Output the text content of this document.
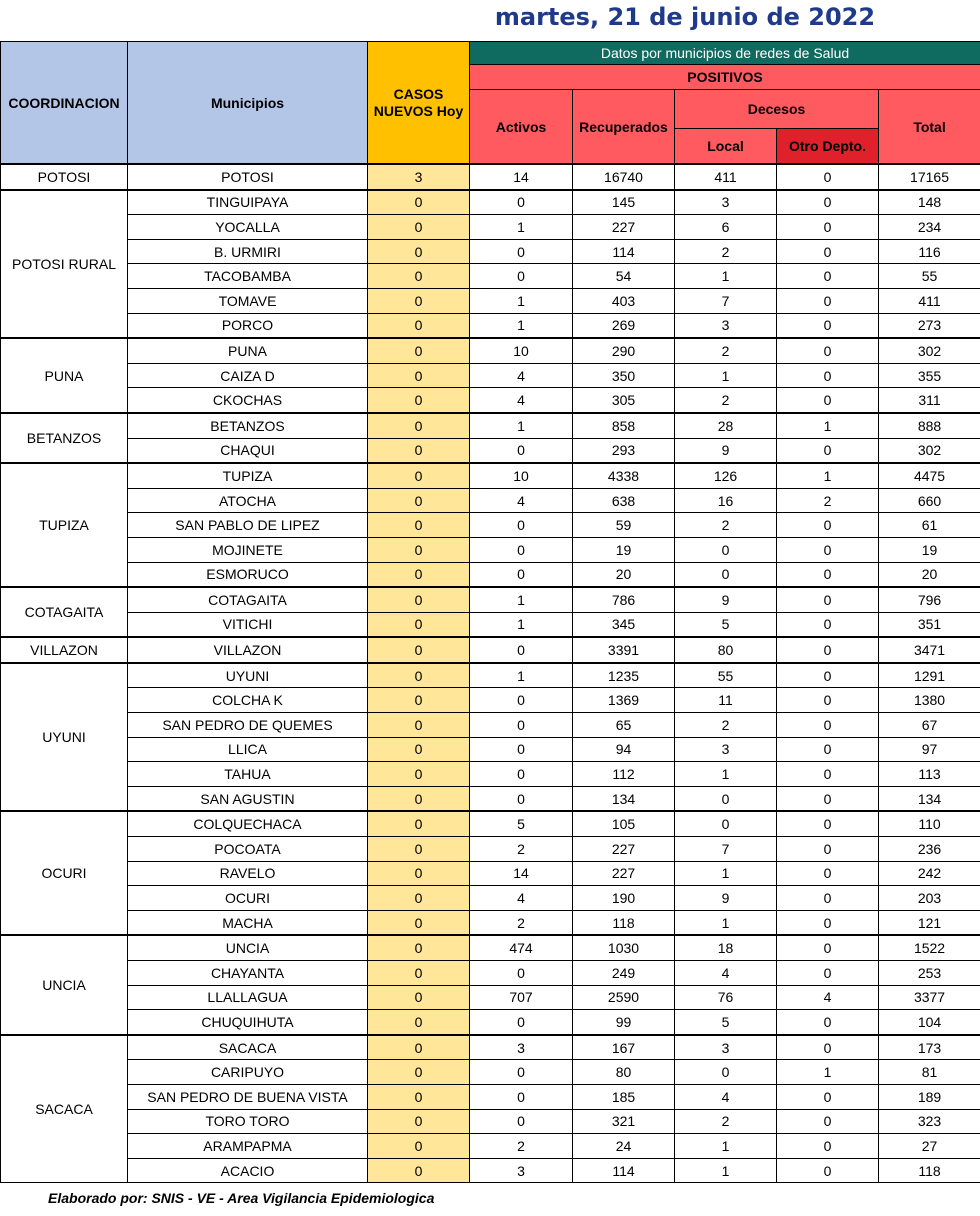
martes, 21 de junio de 2022
COORDINACION	Municipios	CASOS NUEVOS Hoy	Datos por municipios de redes de Salud				
			POSITIVOS				
			Activos	Recuperados	Decesos		Total
					Local	Otro Depto.	
POTOSI	POTOSI	3	14	16740	411	0	17165
POTOSI RURAL	TINGUIPAYA	0	0	145	3	0	148
	YOCALLA	0	1	227	6	0	234
	B. URMIRI	0	0	114	2	0	116
	TACOBAMBA	0	0	54	1	0	55
	TOMAVE	0	1	403	7	0	411
	PORCO	0	1	269	3	0	273
PUNA	PUNA	0	10	290	2	0	302
	CAIZA D	0	4	350	1	0	355
	CKOCHAS	0	4	305	2	0	311
BETANZOS	BETANZOS	0	1	858	28	1	888
	CHAQUI	0	0	293	9	0	302
TUPIZA	TUPIZA	0	10	4338	126	1	4475
	ATOCHA	0	4	638	16	2	660
	SAN PABLO DE LIPEZ	0	0	59	2	0	61
	MOJINETE	0	0	19	0	0	19
	ESMORUCO	0	0	20	0	0	20
COTAGAITA	COTAGAITA	0	1	786	9	0	796
	VITICHI	0	1	345	5	0	351
VILLAZON	VILLAZON	0	0	3391	80	0	3471
UYUNI	UYUNI	0	1	1235	55	0	1291
	COLCHA K	0	0	1369	11	0	1380
	SAN PEDRO DE QUEMES	0	0	65	2	0	67
	LLICA	0	0	94	3	0	97
	TAHUA	0	0	112	1	0	113
	SAN AGUSTIN	0	0	134	0	0	134
OCURI	COLQUECHACA	0	5	105	0	0	110
	POCOATA	0	2	227	7	0	236
	RAVELO	0	14	227	1	0	242
	OCURI	0	4	190	9	0	203
	MACHA	0	2	118	1	0	121
UNCIA	UNCIA	0	474	1030	18	0	1522
	CHAYANTA	0	0	249	4	0	253
	LLALLAGUA	0	707	2590	76	4	3377
	CHUQUIHUTA	0	0	99	5	0	104
SACACA	SACACA	0	3	167	3	0	173
	CARIPUYO	0	0	80	0	1	81
	SAN PEDRO DE BUENA VISTA	0	0	185	4	0	189
	TORO TORO	0	0	321	2	0	323
	ARAMPAPMA	0	2	24	1	0	27
	ACACIO	0	3	114	1	0	118
Elaborado por: SNIS - VE - Area Vigilancia Epidemiologica
